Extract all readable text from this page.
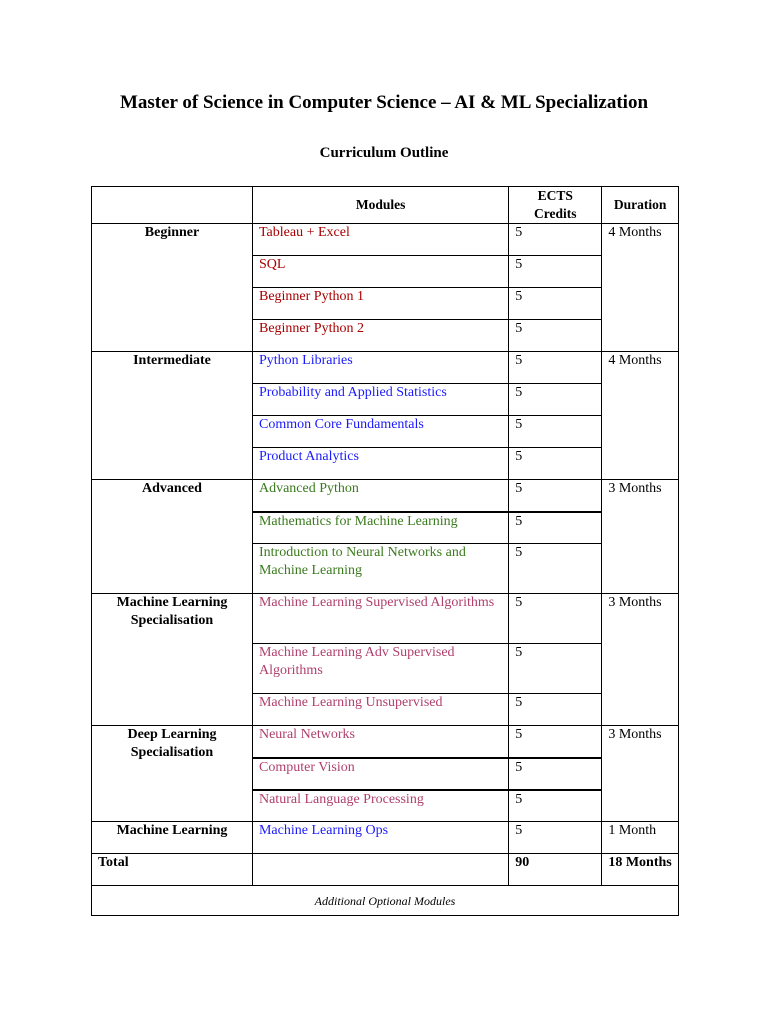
Master of Science in Computer Science – AI & ML Specialization
Curriculum Outline
	Modules	ECTS Credits	Duration
Beginner	Tableau + Excel	5	4 Months
	SQL	5	
	Beginner Python 1	5	
	Beginner Python 2	5	
Intermediate	Python Libraries	5	4 Months
	Probability and Applied Statistics	5	
	Common Core Fundamentals	5	
	Product Analytics	5	
Advanced	Advanced Python	5	3 Months
	Mathematics for Machine Learning	5	
	Introduction to Neural Networks and Machine Learning	5	
Machine Learning Specialisation	Machine Learning Supervised Algorithms	5	3 Months
	Machine Learning Adv Supervised Algorithms	5	
	Machine Learning Unsupervised	5	
Deep Learning Specialisation	Neural Networks	5	3 Months
	Computer Vision	5	
	Natural Language Processing	5	
Machine Learning	Machine Learning Ops	5	1 Month
Total		90	18 Months
Additional Optional Modules			
